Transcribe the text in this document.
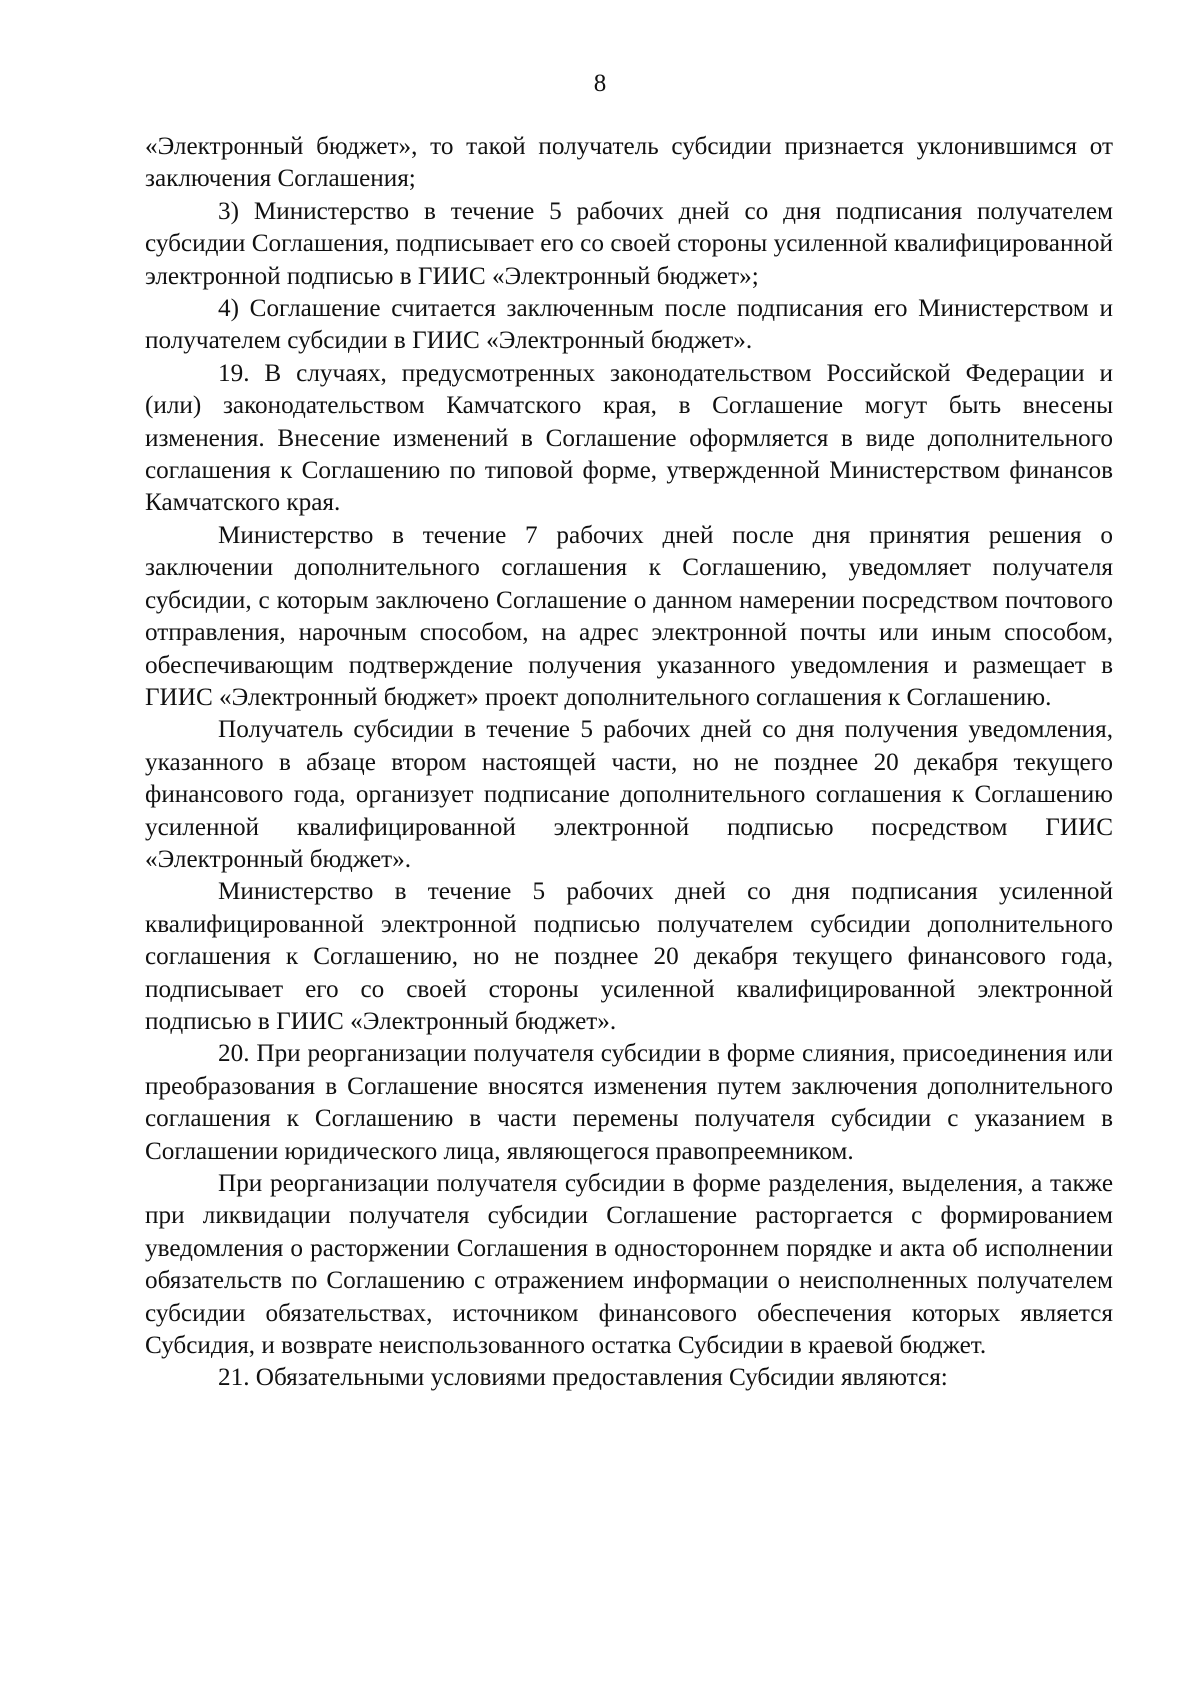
8

«Электронный бюджет», то такой получатель субсидии признается уклонившимся от заключения Соглашения;

3) Министерство в течение 5 рабочих дней со дня подписания получателем субсидии Соглашения, подписывает его со своей стороны усиленной квалифицированной электронной подписью в ГИИС «Электронный бюджет»;

4) Соглашение считается заключенным после подписания его Министерством и получателем субсидии в ГИИС «Электронный бюджет».

19. В случаях, предусмотренных законодательством Российской Федерации и (или) законодательством Камчатского края, в Соглашение могут быть внесены изменения. Внесение изменений в Соглашение оформляется в виде дополнительного соглашения к Соглашению по типовой форме, утвержденной Министерством финансов Камчатского края.

Министерство в течение 7 рабочих дней после дня принятия решения о заключении дополнительного соглашения к Соглашению, уведомляет получателя субсидии, с которым заключено Соглашение о данном намерении посредством почтового отправления, нарочным способом, на адрес электронной почты или иным способом, обеспечивающим подтверждение получения указанного уведомления и размещает в ГИИС «Электронный бюджет» проект дополнительного соглашения к Соглашению.

Получатель субсидии в течение 5 рабочих дней со дня получения уведомления, указанного в абзаце втором настоящей части, но не позднее 20 декабря текущего финансового года, организует подписание дополнительного соглашения к Соглашению усиленной квалифицированной электронной подписью посредством ГИИС «Электронный бюджет».

Министерство в течение 5 рабочих дней со дня подписания усиленной квалифицированной электронной подписью получателем субсидии дополнительного соглашения к Соглашению, но не позднее 20 декабря текущего финансового года, подписывает его со своей стороны усиленной квалифицированной электронной подписью в ГИИС «Электронный бюджет».

20. При реорганизации получателя субсидии в форме слияния, присоединения или преобразования в Соглашение вносятся изменения путем заключения дополнительного соглашения к Соглашению в части перемены получателя субсидии с указанием в Соглашении юридического лица, являющегося правопреемником.

При реорганизации получателя субсидии в форме разделения, выделения, а также при ликвидации получателя субсидии Соглашение расторгается с формированием уведомления о расторжении Соглашения в одностороннем порядке и акта об исполнении обязательств по Соглашению с отражением информации о неисполненных получателем субсидии обязательствах, источником финансового обеспечения которых является Субсидия, и возврате неиспользованного остатка Субсидии в краевой бюджет.

21. Обязательными условиями предоставления Субсидии являются:
